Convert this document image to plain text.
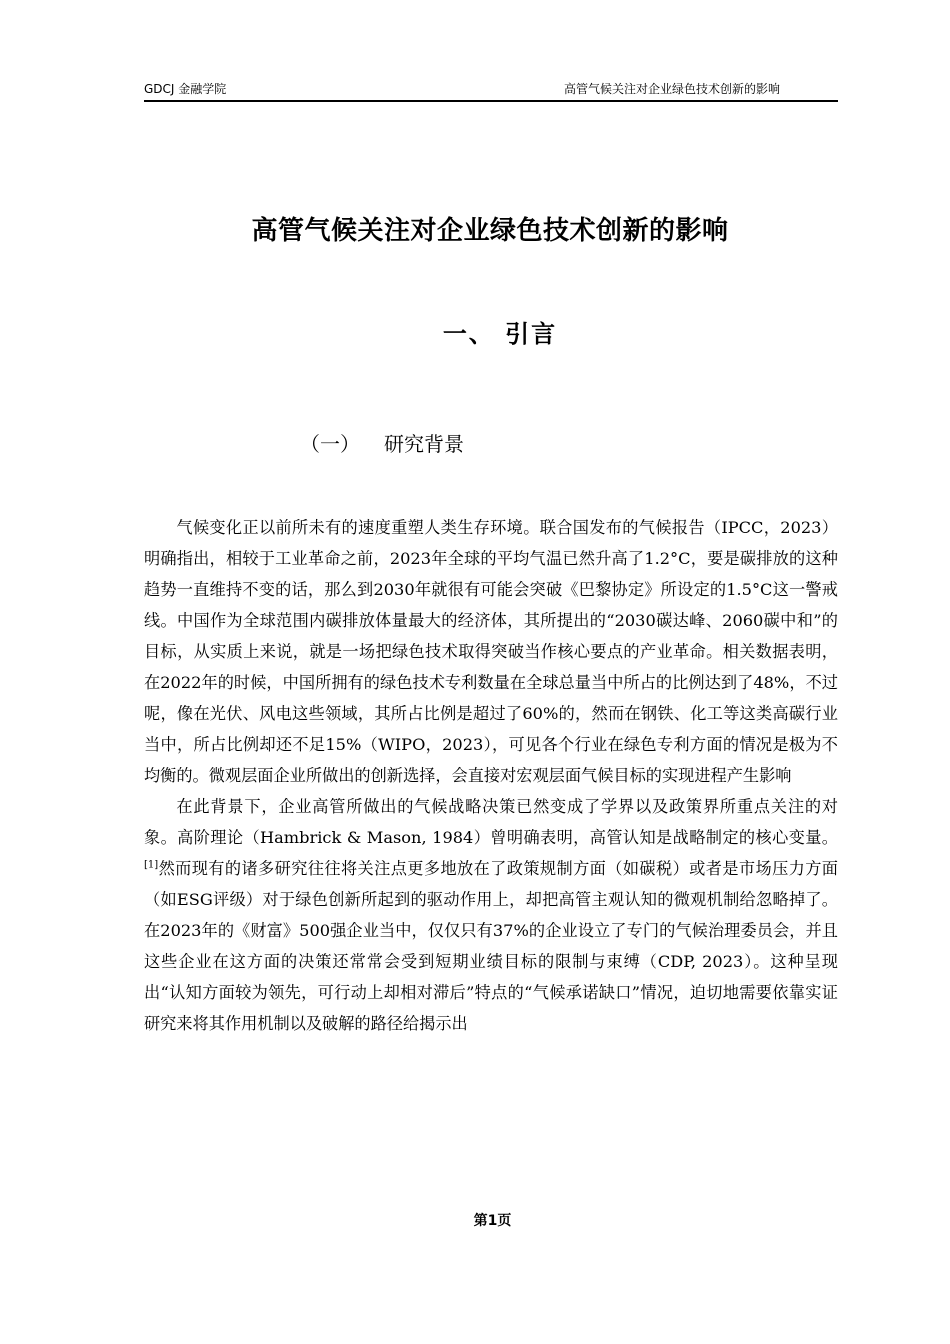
GDCJ 金融学院	高管气候关注对企业绿色技术创新的影响
高管气候关注对企业绿色技术创新的影响
一、 引言
（一） 研究背景

气候变化正以前所未有的速度重塑人类生存环境。联合国发布的气候报告（IPCC，2023）明确指出，相较于工业革命之前，2023年全球的平均气温已然升高了1.2°C，要是碳排放的这种趋势一直维持不变的话，那么到2030年就很有可能会突破《巴黎协定》所设定的1.5°C这一警戒线。中国作为全球范围内碳排放体量最大的经济体，其所提出的“2030碳达峰、2060碳中和”的目标，从实质上来说，就是一场把绿色技术取得突破当作核心要点的产业革命。相关数据表明，在2022年的时候，中国所拥有的绿色技术专利数量在全球总量当中所占的比例达到了48%，不过呢，像在光伏、风电这些领域，其所占比例是超过了60%的，然而在钢铁、化工等这类高碳行业当中，所占比例却还不足15%（WIPO，2023），可见各个行业在绿色专利方面的情况是极为不均衡的。微观层面企业所做出的创新选择，会直接对宏观层面气候目标的实现进程产生影响

在此背景下，企业高管所做出的气候战略决策已然变成了学界以及政策界所重点关注的对象。高阶理论（Hambrick & Mason, 1984）曾明确表明，高管认知是战略制定的核心变量。[1]然而现有的诸多研究往往将关注点更多地放在了政策规制方面（如碳税）或者是市场压力方面（如ESG评级）对于绿色创新所起到的驱动作用上，却把高管主观认知的微观机制给忽略掉了。在2023年的《财富》500强企业当中，仅仅只有37%的企业设立了专门的气候治理委员会，并且这些企业在这方面的决策还常常会受到短期业绩目标的限制与束缚（CDP, 2023）。这种呈现出“认知方面较为领先，可行动上却相对滞后”特点的“气候承诺缺口”情况，迫切地需要依靠实证研究来将其作用机制以及破解的路径给揭示出

第1页
